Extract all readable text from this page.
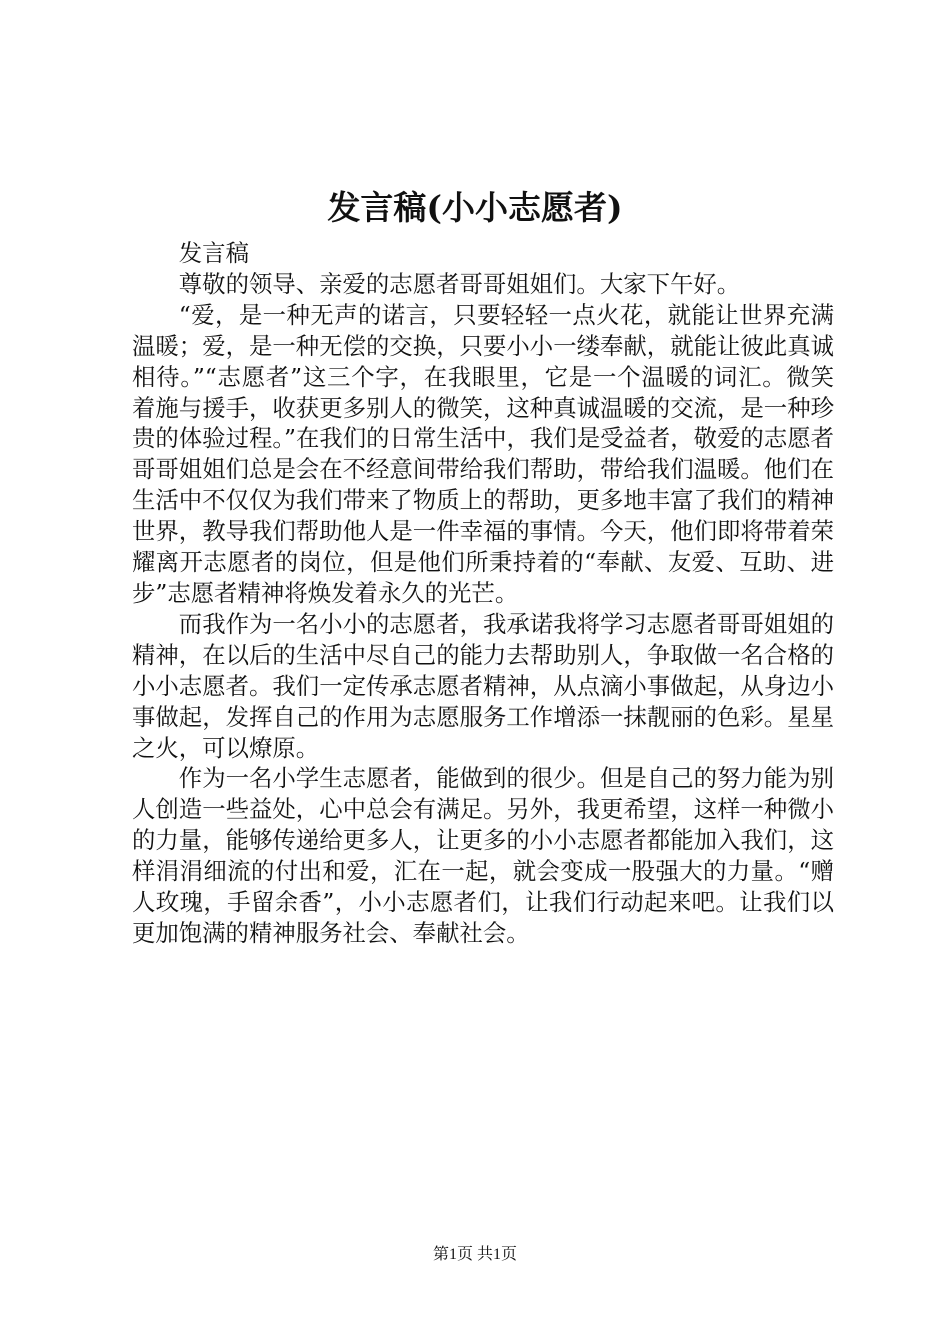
发言稿(小小志愿者)

发言稿

尊敬的领导、亲爱的志愿者哥哥姐姐们。大家下午好。

“爱，是一种无声的诺言，只要轻轻一点火花，就能让世界充满温暖；爱，是一种无偿的交换，只要小小一缕奉献，就能让彼此真诚相待。”“志愿者”这三个字，在我眼里，它是一个温暖的词汇。微笑着施与援手，收获更多别人的微笑，这种真诚温暖的交流，是一种珍贵的体验过程。”在我们的日常生活中，我们是受益者，敬爱的志愿者哥哥姐姐们总是会在不经意间带给我们帮助，带给我们温暖。他们在生活中不仅仅为我们带来了物质上的帮助，更多地丰富了我们的精神世界，教导我们帮助他人是一件幸福的事情。今天，他们即将带着荣耀离开志愿者的岗位，但是他们所秉持着的“奉献、友爱、互助、进步”志愿者精神将焕发着永久的光芒。

而我作为一名小小的志愿者，我承诺我将学习志愿者哥哥姐姐的精神，在以后的生活中尽自己的能力去帮助别人，争取做一名合格的小小志愿者。我们一定传承志愿者精神，从点滴小事做起，从身边小事做起，发挥自己的作用为志愿服务工作增添一抹靓丽的色彩。星星之火，可以燎原。

作为一名小学生志愿者，能做到的很少。但是自己的努力能为别人创造一些益处，心中总会有满足。另外，我更希望，这样一种微小的力量，能够传递给更多人，让更多的小小志愿者都能加入我们，这样涓涓细流的付出和爱，汇在一起，就会变成一股强大的力量。“赠人玫瑰，手留余香”，小小志愿者们，让我们行动起来吧。让我们以更加饱满的精神服务社会、奉献社会。

第1页 共1页
